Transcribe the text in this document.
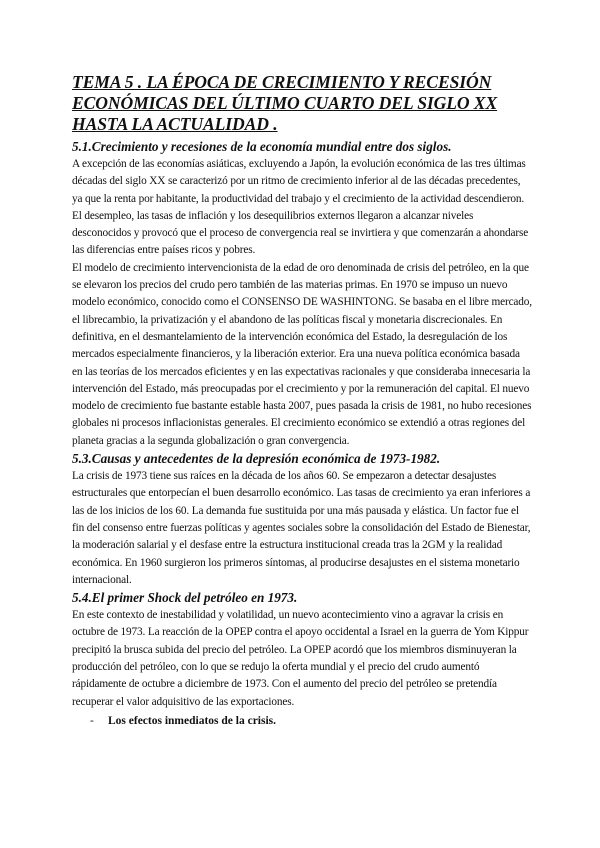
TEMA 5 . LA ÉPOCA DE CRECIMIENTO Y RECESIÓN ECONÓMICAS DEL ÚLTIMO CUARTO DEL SIGLO XX HASTA LA ACTUALIDAD .
5.1.Crecimiento y recesiones de la economía mundial entre dos siglos.

A excepción de las economías asiáticas, excluyendo a Japón, la evolución económica de las tres últimas décadas del siglo XX se caracterizó por un ritmo de crecimiento inferior al de las décadas precedentes, ya que la renta por habitante, la productividad del trabajo y el crecimiento de la actividad descendieron. El desempleo, las tasas de inflación y los desequilibrios externos llegaron a alcanzar niveles desconocidos y provocó que el proceso de convergencia real se invirtiera y que comenzarán a ahondarse las diferencias entre países ricos y pobres.

El modelo de crecimiento intervencionista de la edad de oro denominada de crisis del petróleo, en la que se elevaron los precios del crudo pero también de las materias primas. En 1970 se impuso un nuevo modelo económico, conocido como el CONSENSO DE WASHINTONG. Se basaba en el libre mercado, el librecambio, la privatización y el abandono de las políticas fiscal y monetaria discrecionales. En definitiva, en el desmantelamiento de la intervención económica del Estado, la desregulación de los mercados especialmente financieros, y la liberación exterior. Era una nueva política económica basada en las teorías de los mercados eficientes y en las expectativas racionales y que consideraba innecesaria la intervención del Estado, más preocupadas por el crecimiento y por la remuneración del capital. El nuevo modelo de crecimiento fue bastante estable hasta 2007, pues pasada la crisis de 1981, no hubo recesiones globales ni procesos inflacionistas generales. El crecimiento económico se extendió a otras regiones del planeta gracias a la segunda globalización o gran convergencia.

5.3.Causas y antecedentes de la depresión económica de 1973-1982.

La crisis de 1973 tiene sus raíces en la década de los años 60. Se empezaron a detectar desajustes estructurales que entorpecían el buen desarrollo económico. Las tasas de crecimiento ya eran inferiores a las de los inicios de los 60. La demanda fue sustituida por una más pausada y elástica. Un factor fue el fin del consenso entre fuerzas políticas y agentes sociales sobre la consolidación del Estado de Bienestar, la moderación salarial y el desfase entre la estructura institucional creada tras la 2GM y la realidad económica. En 1960 surgieron los primeros síntomas, al producirse desajustes en el sistema monetario internacional.

5.4.El primer Shock del petróleo en 1973.

En este contexto de inestabilidad y volatilidad, un nuevo acontecimiento vino a agravar la crisis en octubre de 1973. La reacción de la OPEP contra el apoyo occidental a Israel en la guerra de Yom Kippur precipitó la brusca subida del precio del petróleo. La OPEP acordó que los miembros disminuyeran la producción del petróleo, con lo que se redujo la oferta mundial y el precio del crudo aumentó rápidamente de octubre a diciembre de 1973. Con el aumento del precio del petróleo se pretendía recuperar el valor adquisitivo de las exportaciones.

-	Los efectos inmediatos de la crisis.
